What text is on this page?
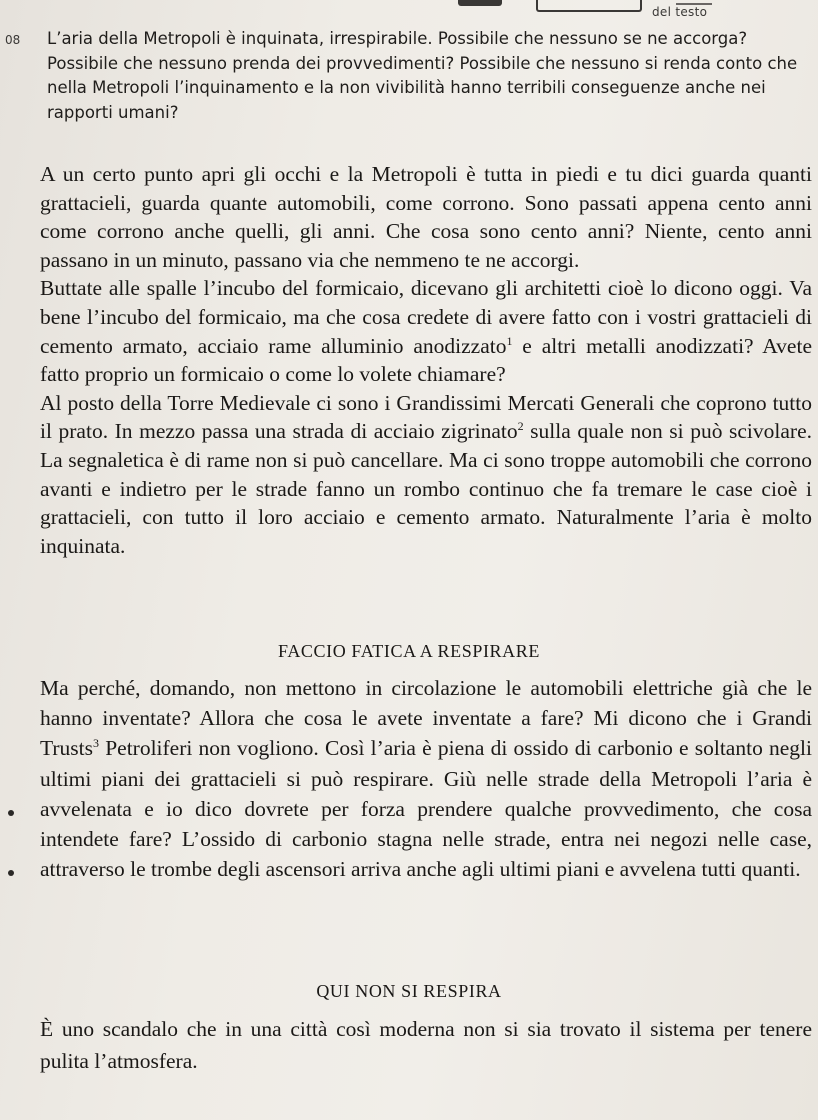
del testo
08 L’aria della Metropoli è inquinata, irrespirabile. Possibile che nessuno se ne accorga? Possibile che nessuno prenda dei provvedimenti? Possibile che nessuno si renda conto che nella Metropoli l’inquinamento e la non vivibilità hanno terribili conseguenze anche nei rapporti umani?

A un certo punto apri gli occhi e la Metropoli è tutta in piedi e tu dici guarda quanti grattacieli, guarda quante automobili, come corrono. Sono passati appena cento anni come corrono anche quelli, gli anni. Che cosa sono cento anni? Niente, cento anni passano in un minuto, passano via che nemmeno te ne accorgi.

Buttate alle spalle l’incubo del formicaio, dicevano gli architetti cioè lo dicono oggi. Va bene l’incubo del formicaio, ma che cosa credete di avere fatto con i vostri grattacieli di cemento armato, acciaio rame alluminio anodizzato$^1$ e altri metalli anodizzati? Avete fatto proprio un formicaio o come lo volete chiamare?

Al posto della Torre Medievale ci sono i Grandissimi Mercati Generali che coprono tutto il prato. In mezzo passa una strada di acciaio zigrinato$^2$ sulla quale non si può scivolare. La segnaletica è di rame non si può cancellare. Ma ci sono troppe automobili che corrono avanti e indietro per le strade fanno un rombo continuo che fa tremare le case cioè i grattacieli, con tutto il loro acciaio e cemento armato. Naturalmente l’aria è molto inquinata.

FACCIO FATICA A RESPIRARE

Ma perché, domando, non mettono in circolazione le automobili elettriche già che le hanno inventate? Allora che cosa le avete inventate a fare? Mi dicono che i Grandi Trusts$^3$ Petroliferi non vogliono. Così l’aria è piena di ossido di carbonio e soltanto negli ultimi piani dei grattacieli si può respirare. Giù nelle strade della Metropoli l’aria è avvelenata e io dico dovrete per forza prendere qualche provvedimento, che cosa intendete fare? L’ossido di carbonio stagna nelle strade, entra nei negozi nelle case, attraverso le trombe degli ascensori arriva anche agli ultimi piani e avvelena tutti quanti.

QUI NON SI RESPIRA

È uno scandalo che in una città così moderna non si sia trovato il sistema per tenere pulita l’atmosfera.
